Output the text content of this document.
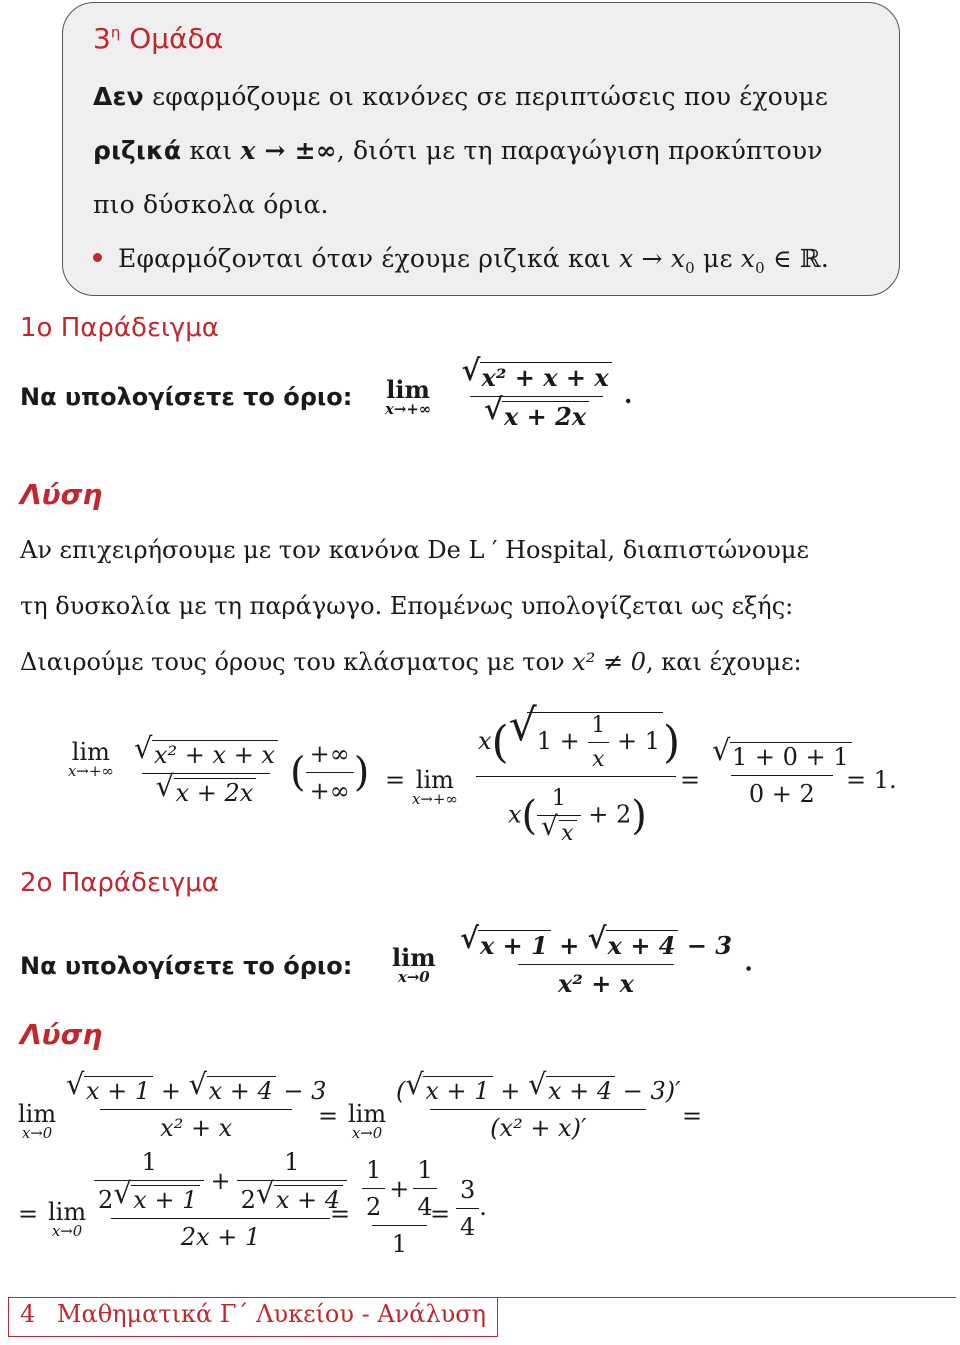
$3^\eta$ Ομάδα
Δεν εφαρμόζουμε οι κανόνες σε περιπτώσεις που έχουμε
ριζικά και x → ±∞, διότι με τη παραγώγιση προκύπτουν
πιο δύσκολα όρια.
Εφαρμόζονται όταν έχουμε ριζικά και $x \to x_0$ με $x_0$ ∈ ℝ.
1ο Παράδειγμα
Να υπολογίσετε το όριο: lim
x→+∞
$\frac{\text{√ x² + x + x}}{√ x + 2x}$ .
Λύση
Αν επιχειρήσουμε με τον κανόνα De L ′ Hospital, διαπιστώνουμε
τη δυσκολία με τη παράγωγο. Επομένως υπολογίζεται ως εξής:
Διαιρούμε τους όρους του κλάσματος με τον x² ≠ 0, και έχουμε:
lim
$x\to+\infty \frac{\text{√ x² + x + x}}{√ x + 2x}$ ( $\frac{+\infty}{+\infty}$ ) = lim
x→+∞
x( √ $1 + \frac{1}{x} + 1$)
$x( \frac{1}{√ x} + 2)$
= $\frac{√ 1 + 0 + 1}{0 + 2}$
= 1.
2ο Παράδειγμα
Να υπολογίσετε το όριο: lim
x→0
$\frac{√ x + 1 + √ x + 4 - 3}{\text{x² + x}}$ .
Λύση
lim
$x\to 0 \frac{√ x + 1 + √ x + 4 - 3}{\text{x² + x}}$
= lim
$x\to 0 \frac{( √ x + 1 + √ x + 4 - 3)'}{\text{(x² + x)′}}$
=
= lim
$x\to 0 \frac{\frac{1}{2 √ x + 1} + \frac{1}{2 √ x + 4}}{2x + 1}$
= $\frac{\frac{1}{2} + \frac{1}{4}}{1}$
= $\frac{3}{4}$ .
4 Μαθηματικά Γ΄ Λυκείου - Ανάλυση
